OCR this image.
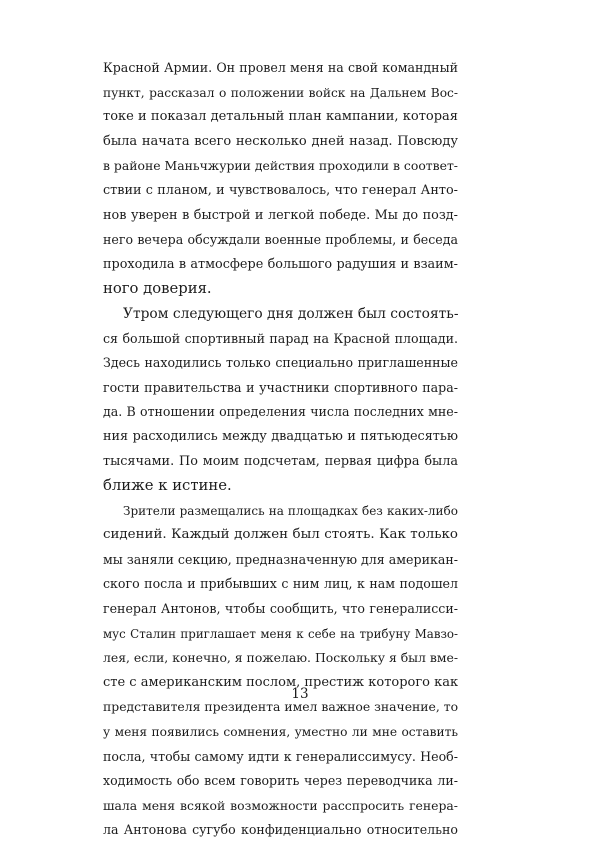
Красной Армии. Он провел меня на свой командный
пункт, рассказал о положении войск на Дальнем Вос-
токе и показал детальный план кампании, которая
была начата всего несколько дней назад. Повсюду
в районе Маньчжурии действия проходили в соответ-
ствии с планом, и чувствовалось, что генерал Анто-
нов уверен в быстрой и легкой победе. Мы до позд-
него вечера обсуждали военные проблемы, и беседа
проходила в атмосфере большого радушия и взаим-
ного доверия.
Утром следующего дня должен был состоять-
ся большой спортивный парад на Красной площади.
Здесь находились только специально приглашенные
гости правительства и участники спортивного пара-
да. В отношении определения числа последних мне-
ния расходились между двадцатью и пятьюдесятью
тысячами. По моим подсчетам, первая цифра была
ближе к истине.
Зрители размещались на площадках без каких-либо
сидений. Каждый должен был стоять. Как только
мы заняли секцию, предназначенную для американ-
ского посла и прибывших с ним лиц, к нам подошел
генерал Антонов, чтобы сообщить, что генералисси-
мус Сталин приглашает меня к себе на трибуну Мавзо-
лея, если, конечно, я пожелаю. Поскольку я был вме-
сте с американским послом, престиж которого как
представителя президента имел важное значение, то
у меня появились сомнения, уместно ли мне оставить
посла, чтобы самому идти к генералиссимусу. Необ-
ходимость обо всем говорить через переводчика ли-
шала меня всякой возможности расспросить генера-
ла Антонова сугубо конфиденциально относительно
13
